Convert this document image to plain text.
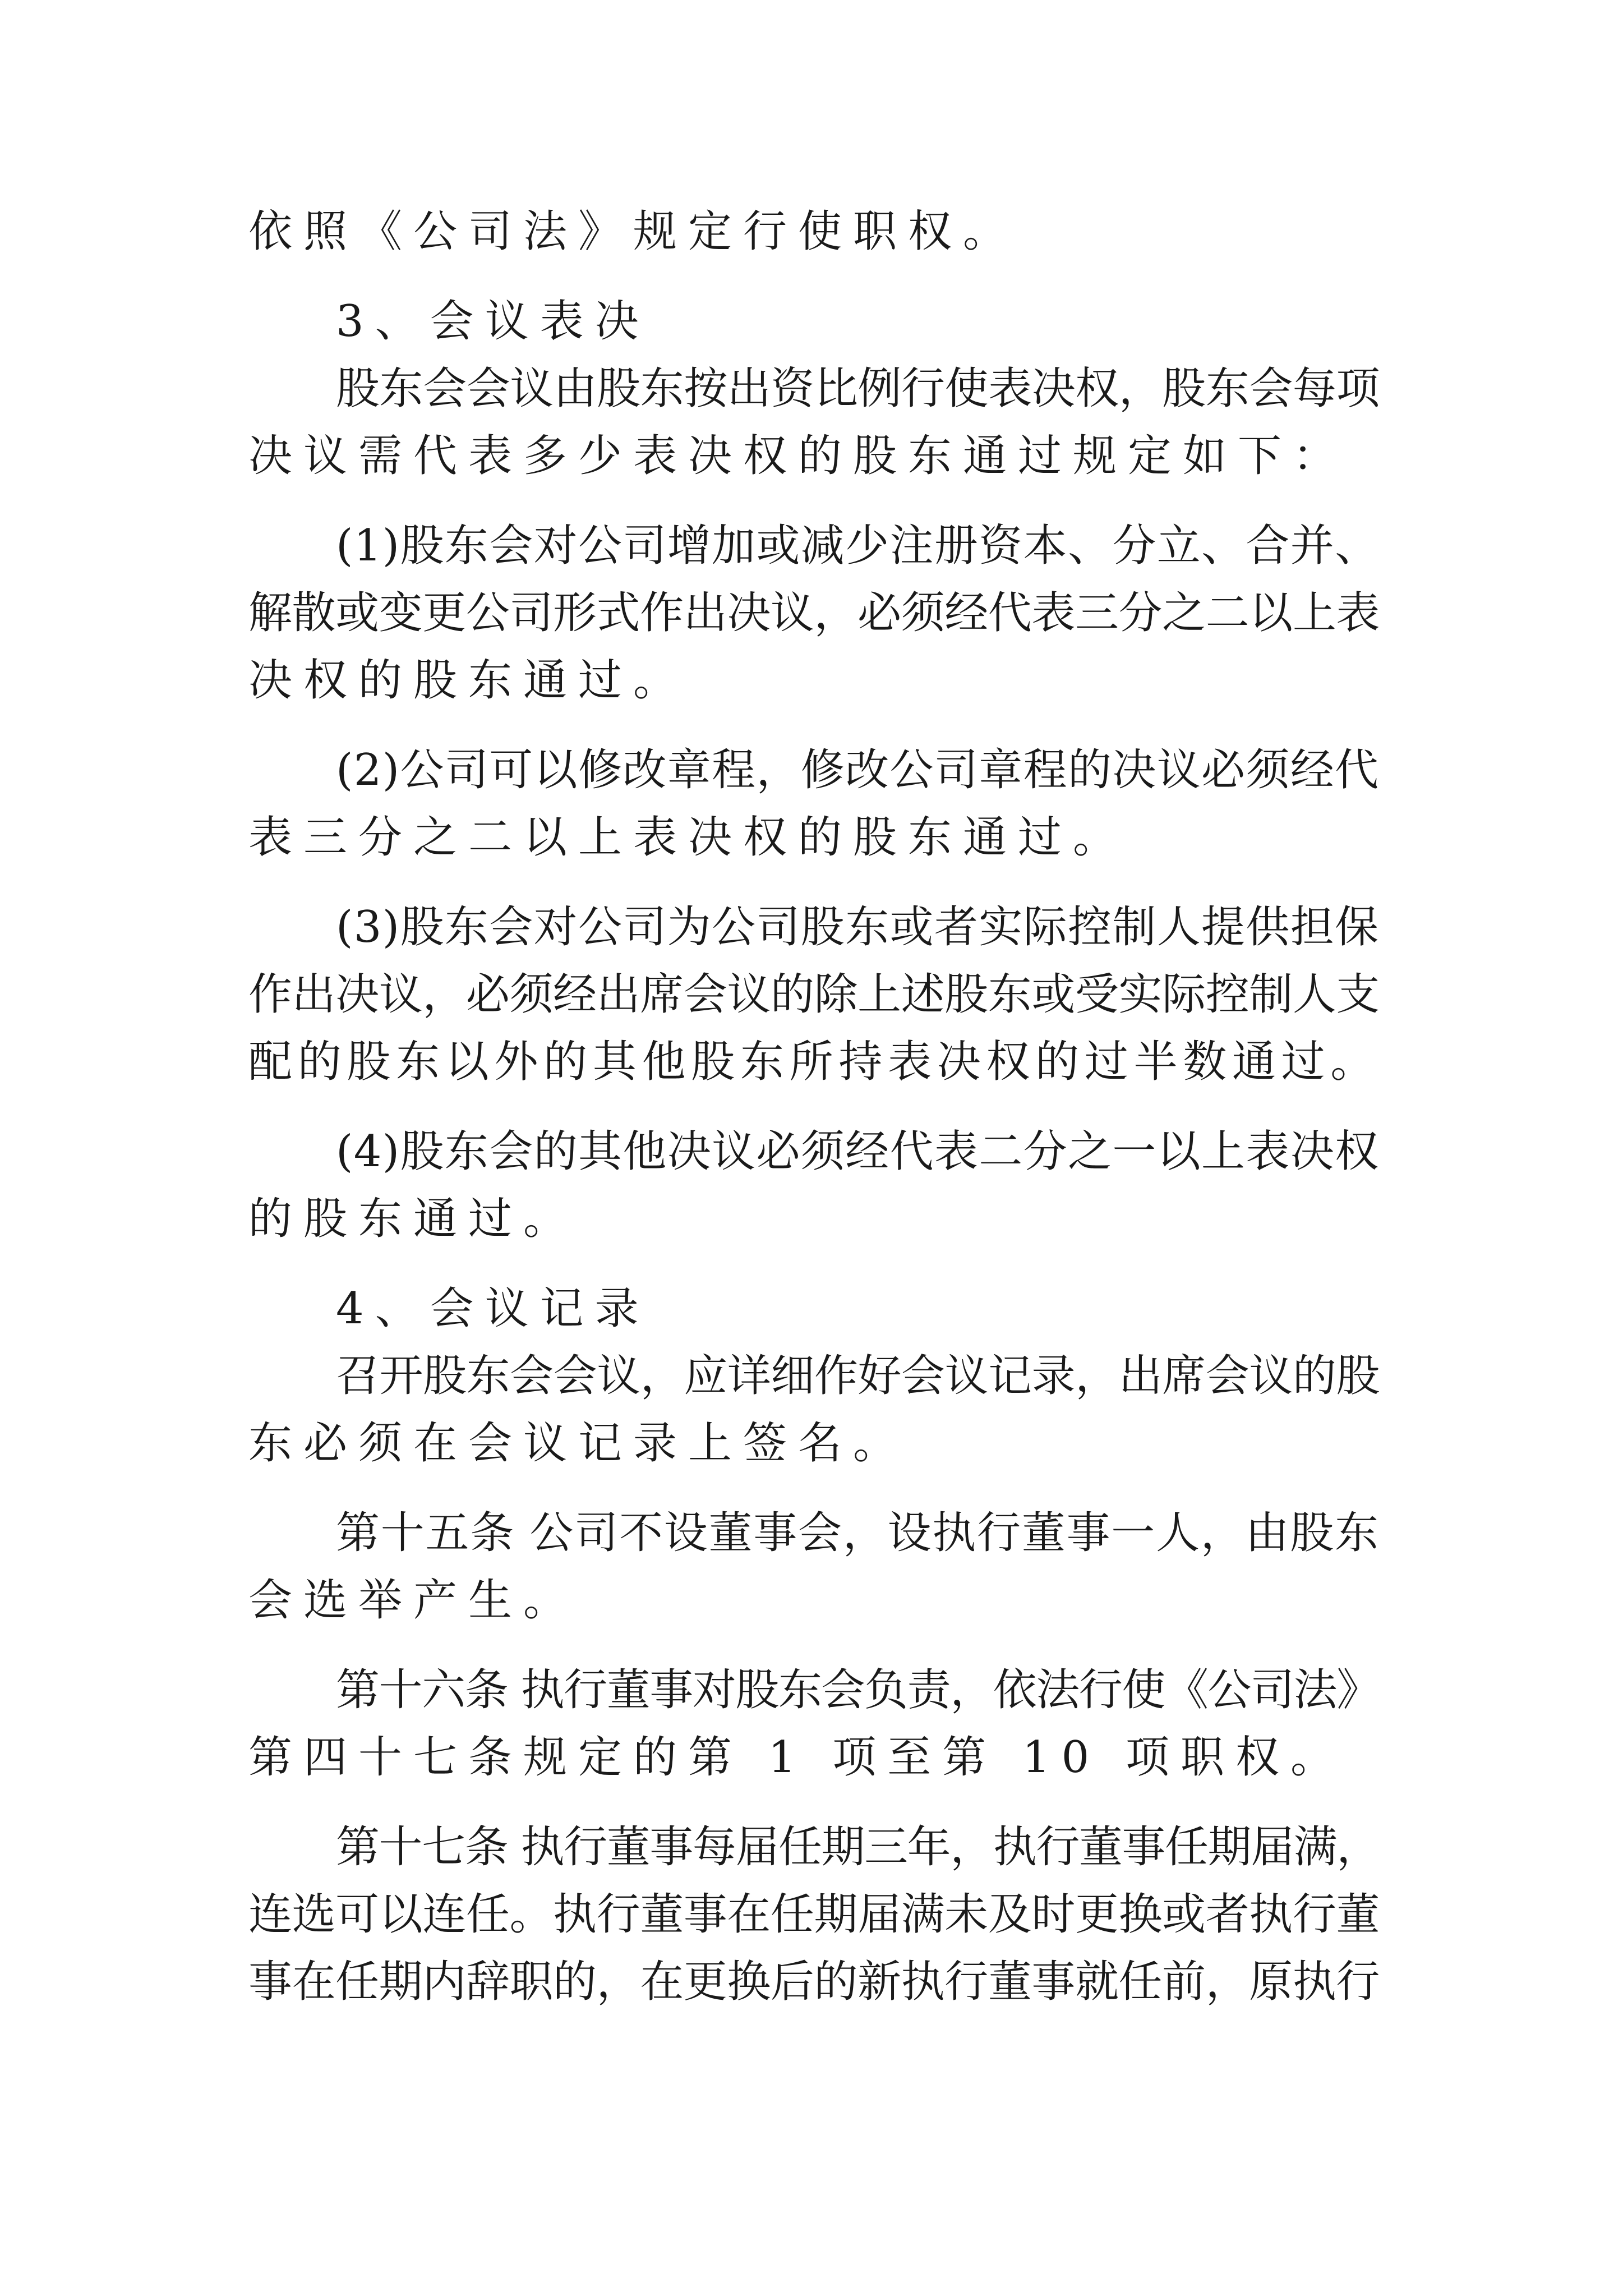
依照《公司法》规定行使职权。
3、会议表决
股东会会议由股东按出资比例行使表决权，股东会每项
决议需代表多少表决权的股东通过规定如下：
(1)股东会对公司增加或减少注册资本、分立、合并、
解散或变更公司形式作出决议，必须经代表三分之二以上表
决权的股东通过。
(2)公司可以修改章程，修改公司章程的决议必须经代
表三分之二以上表决权的股东通过。
(3)股东会对公司为公司股东或者实际控制人提供担保
作出决议，必须经出席会议的除上述股东或受实际控制人支
配的股东以外的其他股东所持表决权的过半数通过。
(4)股东会的其他决议必须经代表二分之一以上表决权
的股东通过。
4、会议记录
召开股东会会议，应详细作好会议记录，出席会议的股
东必须在会议记录上签名。
第十五条 公司不设董事会，设执行董事一人，由股东
会选举产生。
第十六条 执行董事对股东会负责，依法行使《公司法》
第四十七条规定的第 1 项至第 10 项职权。
第十七条 执行董事每届任期三年，执行董事任期届满，
连选可以连任。执行董事在任期届满未及时更换或者执行董
事在任期内辞职的，在更换后的新执行董事就任前，原执行
